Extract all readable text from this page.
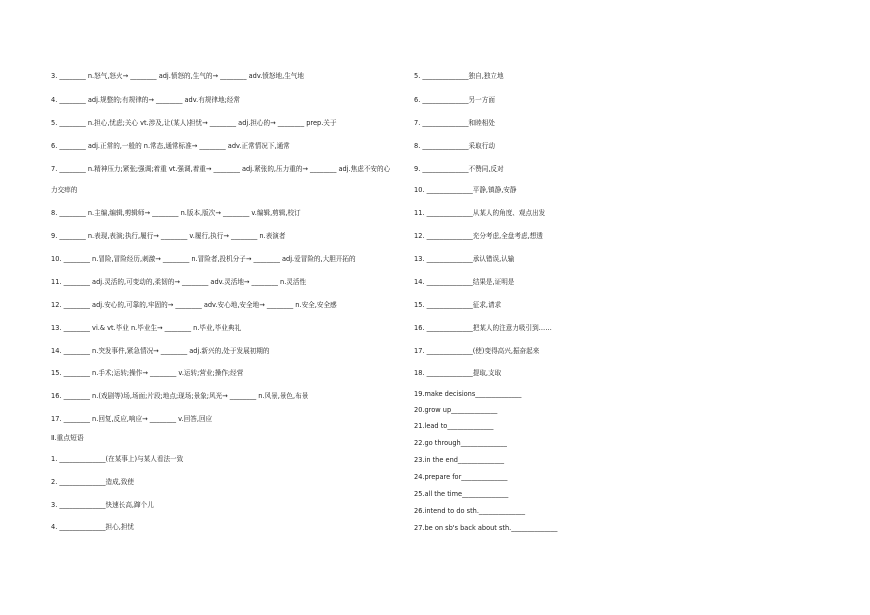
3. ________ n.怒气,怒火→ ________ adj.愤怒的,生气的→ ________ adv.愤怒地,生气地
4. ________ adj.规整的;有规律的→ ________ adv.有规律地;经常
5. ________ n.担心,忧虑;关心 vt.涉及,让(某人)担忧→ ________ adj.担心的→ ________ prep.关于
6. ________ adj.正常的,一般的 n.常态,通常标准→ ________ adv.正常情况下,通常
7. ________ n.精神压力;紧张;强调;着重 vt.强调,着重→ ________ adj.紧张的,压力重的→ ________ adj.焦虑不安的心
力交瘁的
8. ________ n.主编,编辑,剪辑师→ ________ n.版本,版次→ ________ v.编辑,剪辑,校订
9. ________ n.表现,表演;执行,履行→ ________ v.履行,执行→ ________ n.表演者
10. ________ n.冒险,冒险经历,刺激→ ________ n.冒险者,投机分子→ ________ adj.爱冒险的,大胆开拓的
11. ________ adj.灵活的,可变动的,柔韧的→ ________ adv.灵活地→ ________ n.灵活性
12. ________ adj.安心的,可靠的,牢固的→ ________ adv.安心地,安全地→ ________ n.安全,安全感
13. ________ vi.& vt.毕业 n.毕业生→ ________ n.毕业,毕业典礼
14. ________ n.突发事件,紧急情况→ ________ adj.新兴的,处于发展初期的
15. ________ n.手术;运转;操作→ ________ v.运转;营业;操作;经营
16. ________ n.(戏剧等)场,场面;片段;地点;现场;景象;风光→ ________ n.风景,景色,布景
17. ________ n.回复,反应,响应→ ________ v.回答,回应
Ⅱ.重点短语
1. ______________(在某事上)与某人看法一致
2. ______________造成,致使
3. ______________快速长高,蹿个儿
4. ______________担心,担忧
5. ______________独自,独立地
6. ______________另一方面
7. ______________和睦相处
8. ______________采取行动
9. ______________不赞同,反对
10. ______________平静,镇静,安静
11. ______________从某人的角度、观点出发
12. ______________充分考虑,全盘考虑,想透
13. ______________承认错误,认输
14. ______________结果是,证明是
15. ______________征求,请求
16. ______________把某人的注意力吸引到……
17. ______________(使)变得高兴,振奋起来
18. ______________提取,支取
19.make decisions______________
20.grow up______________
21.lead to______________
22.go through______________
23.in the end______________
24.prepare for______________
25.all the time______________
26.intend to do sth.______________
27.be on sb's back about sth.______________
